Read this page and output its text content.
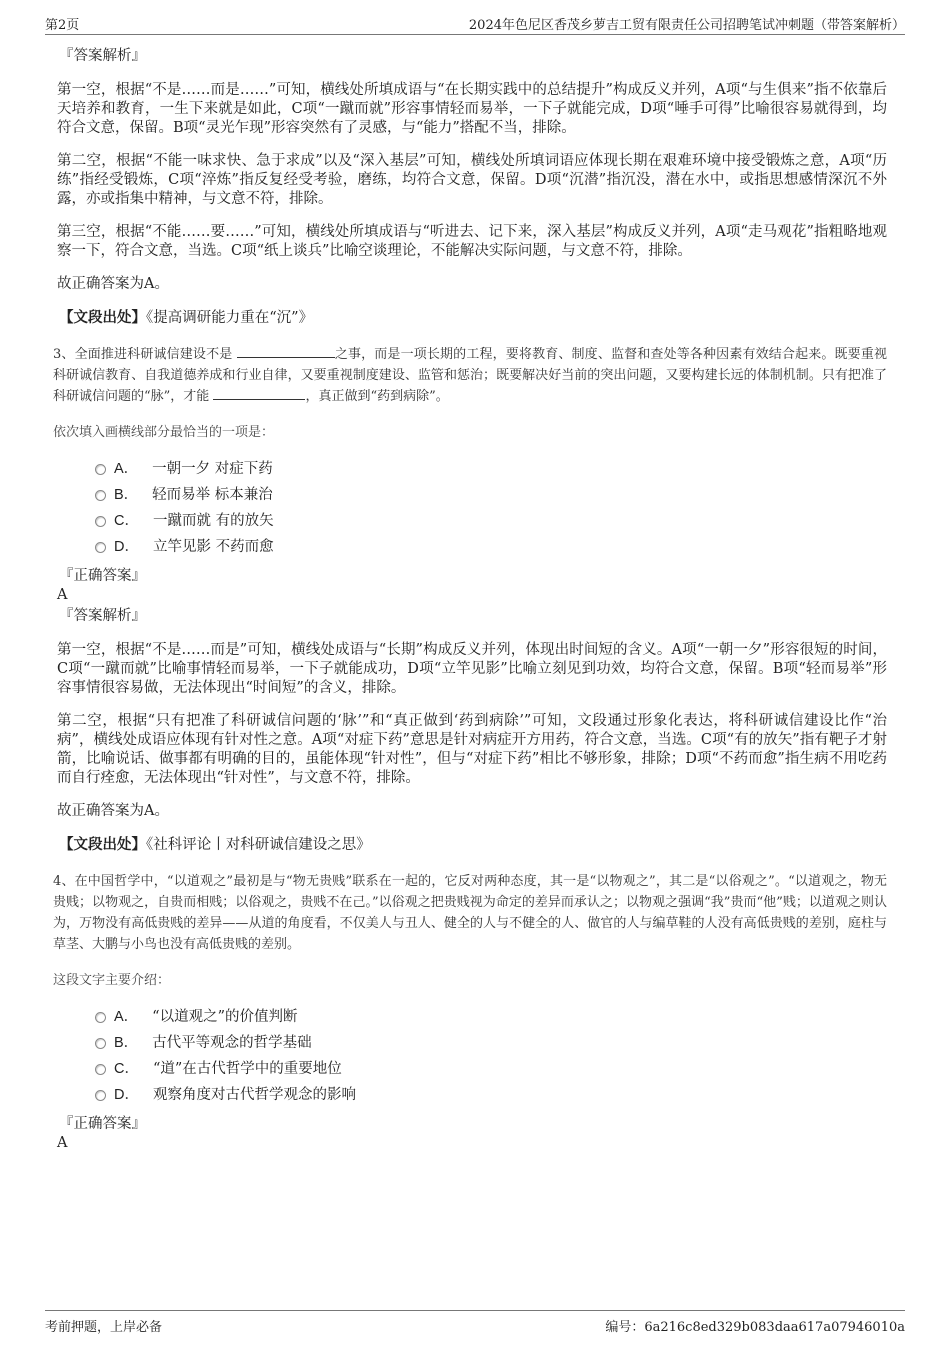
第2页	2024年色尼区香茂乡萝吉工贸有限责任公司招聘笔试冲刺题（带答案解析）
『答案解析』

第一空，根据“不是……而是……”可知，横线处所填成语与“在长期实践中的总结提升”构成反义并列，A项“与生俱来”指不依靠后天培养和教育，一生下来就是如此，C项“一蹴而就”形容事情轻而易举，一下子就能完成，D项“唾手可得”比喻很容易就得到，均符合文意，保留。B项“灵光乍现”形容突然有了灵感，与“能力”搭配不当，排除。

第二空，根据“不能一味求快、急于求成”以及“深入基层”可知，横线处所填词语应体现长期在艰难环境中接受锻炼之意，A项“历练”指经受锻炼，C项“淬炼”指反复经受考验，磨练，均符合文意，保留。D项“沉潜”指沉没，潜在水中，或指思想感情深沉不外露，亦或指集中精神，与文意不符，排除。

第三空，根据“不能……要……”可知，横线处所填成语与“听进去、记下来，深入基层”构成反义并列，A项“走马观花”指粗略地观察一下，符合文意，当选。C项“纸上谈兵”比喻空谈理论，不能解决实际问题，与文意不符，排除。

故正确答案为A。

【文段出处】《提高调研能力重在“沉”》

3、全面推进科研诚信建设不是	之事，而是一项长期的工程，要将教育、制度、监督和查处等各种因素有效结合起来。既要重视科研诚信教育、自我道德养成和行业自律，又要重视制度建设、监管和惩治；既要解决好当前的突出问题，又要构建长远的体制机制。只有把准了科研诚信问题的“脉”，才能	，真正做到“药到病除”。

依次填入画横线部分最恰当的一项是：
A． 一朝一夕 对症下药
B． 轻而易举 标本兼治
C． 一蹴而就 有的放矢
D． 立竿见影 不药而愈
『正确答案』
A
『答案解析』

第一空，根据“不是……而是”可知，横线处成语与“长期”构成反义并列，体现出时间短的含义。A项“一朝一夕”形容很短的时间，C项“一蹴而就”比喻事情轻而易举，一下子就能成功，D项“立竿见影”比喻立刻见到功效，均符合文意，保留。B项“轻而易举”形容事情很容易做，无法体现出“时间短”的含义，排除。

第二空，根据“只有把准了科研诚信问题的‘脉’”和“真正做到‘药到病除’”可知，文段通过形象化表达，将科研诚信建设比作“治病”，横线处成语应体现有针对性之意。A项“对症下药”意思是针对病症开方用药，符合文意，当选。C项“有的放矢”指有靶子才射箭，比喻说话、做事都有明确的目的，虽能体现“针对性”，但与“对症下药”相比不够形象，排除；D项“不药而愈”指生病不用吃药而自行痊愈，无法体现出“针对性”，与文意不符，排除。

故正确答案为A。

【文段出处】《社科评论丨对科研诚信建设之思》

4、在中国哲学中，“以道观之”最初是与“物无贵贱”联系在一起的，它反对两种态度，其一是“以物观之”，其二是“以俗观之”。“以道观之，物无贵贱；以物观之，自贵而相贱；以俗观之，贵贱不在己。”以俗观之把贵贱视为命定的差异而承认之；以物观之强调“我”贵而“他”贱；以道观之则认为，万物没有高低贵贱的差异——从道的角度看，不仅美人与丑人、健全的人与不健全的人、做官的人与编草鞋的人没有高低贵贱的差别，庭柱与草茎、大鹏与小鸟也没有高低贵贱的差别。

这段文字主要介绍：
A． “以道观之”的价值判断
B． 古代平等观念的哲学基础
C． “道”在古代哲学中的重要地位
D． 观察角度对古代哲学观念的影响
『正确答案』
A
考前押题，上岸必备	编号：6a216c8ed329b083daa617a07946010a
